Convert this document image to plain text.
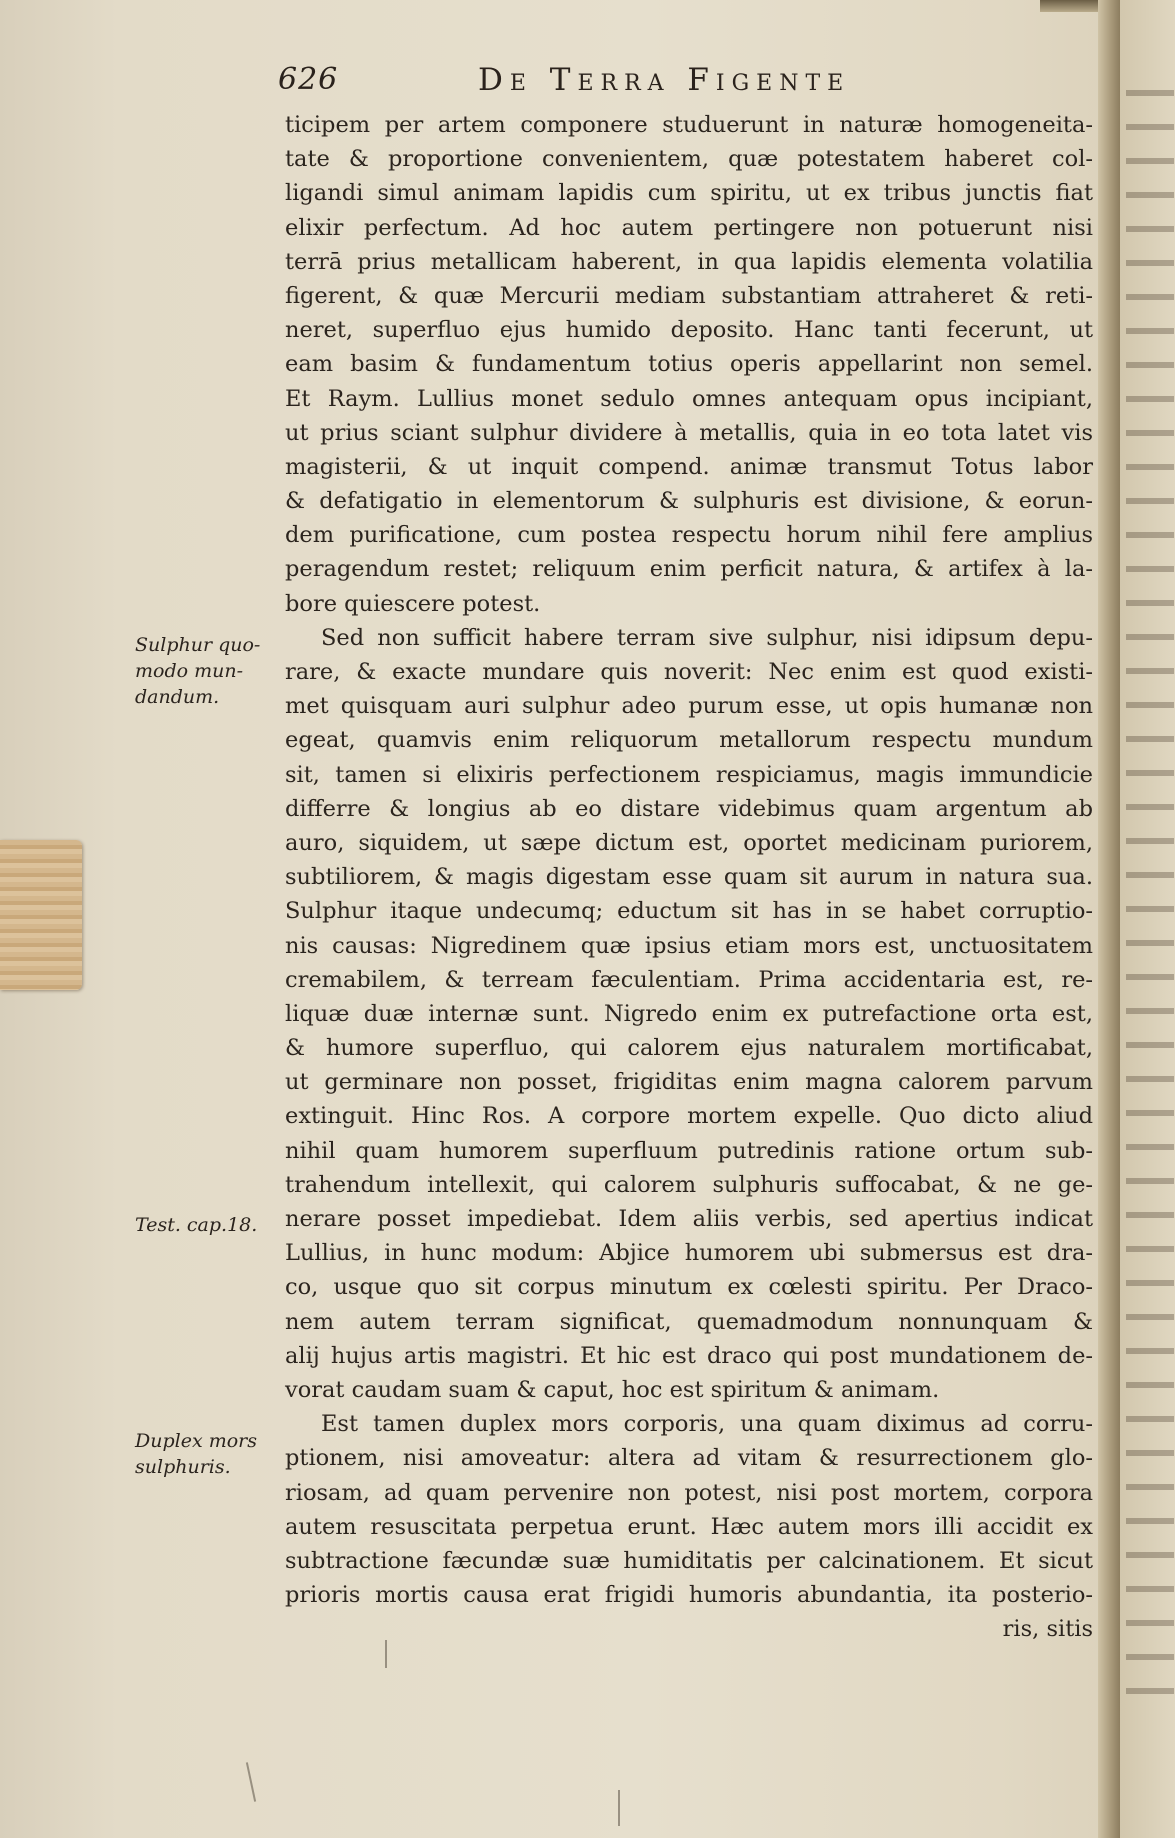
626	De Terra Figente
ticipem per artem componere studuerunt in naturæ homogeneita-
tate & proportione convenientem, quæ potestatem haberet col-
ligandi simul animam lapidis cum spiritu, ut ex tribus junctis fiat
elixir perfectum. Ad hoc autem pertingere non potuerunt nisi
terrā prius metallicam haberent, in qua lapidis elementa volatilia
figerent, & quæ Mercurii mediam substantiam attraheret & reti-
neret, superfluo ejus humido deposito. Hanc tanti fecerunt, ut
eam basim & fundamentum totius operis appellarint non semel.
Et Raym. Lullius monet sedulo omnes antequam opus incipiant,
ut prius sciant sulphur dividere à metallis, quia in eo tota latet vis
magisterii, & ut inquit compend. animæ transmut Totus labor
& defatigatio in elementorum & sulphuris est divisione, & eorun-
dem purificatione, cum postea respectu horum nihil fere amplius
peragendum restet; reliquum enim perficit natura, & artifex à la-
bore quiescere potest.
Sed non sufficit habere terram sive sulphur, nisi idipsum depu-
rare, & exacte mundare quis noverit: Nec enim est quod existi-
met quisquam auri sulphur adeo purum esse, ut opis humanæ non
egeat, quamvis enim reliquorum metallorum respectu mundum
sit, tamen si elixiris perfectionem respiciamus, magis immundicie
differre & longius ab eo distare videbimus quam argentum ab
auro, siquidem, ut sæpe dictum est, oportet medicinam puriorem,
subtiliorem, & magis digestam esse quam sit aurum in natura sua.
Sulphur itaque undecumq; eductum sit has in se habet corruptio-
nis causas: Nigredinem quæ ipsius etiam mors est, unctuositatem
cremabilem, & terream fæculentiam. Prima accidentaria est, re-
liquæ duæ internæ sunt. Nigredo enim ex putrefactione orta est,
& humore superfluo, qui calorem ejus naturalem mortificabat,
ut germinare non posset, frigiditas enim magna calorem parvum
extinguit. Hinc Ros. A corpore mortem expelle. Quo dicto aliud
nihil quam humorem superfluum putredinis ratione ortum sub-
trahendum intellexit, qui calorem sulphuris suffocabat, & ne ge-
nerare posset impediebat. Idem aliis verbis, sed apertius indicat
Lullius, in hunc modum: Abjice humorem ubi submersus est dra-
co, usque quo sit corpus minutum ex cœlesti spiritu. Per Draco-
nem autem terram significat, quemadmodum nonnunquam &
alij hujus artis magistri. Et hic est draco qui post mundationem de-
vorat caudam suam & caput, hoc est spiritum & animam.
Est tamen duplex mors corporis, una quam diximus ad corru-
ptionem, nisi amoveatur: altera ad vitam & resurrectionem glo-
riosam, ad quam pervenire non potest, nisi post mortem, corpora
autem resuscitata perpetua erunt. Hæc autem mors illi accidit ex
subtractione fæcundæ suæ humiditatis per calcinationem. Et sicut
prioris mortis causa erat frigidi humoris abundantia, ita posterio-
ris, sitis
Sulphur quo-
modo mun-
dandum.
Test. cap.18.
Duplex mors
sulphuris.
